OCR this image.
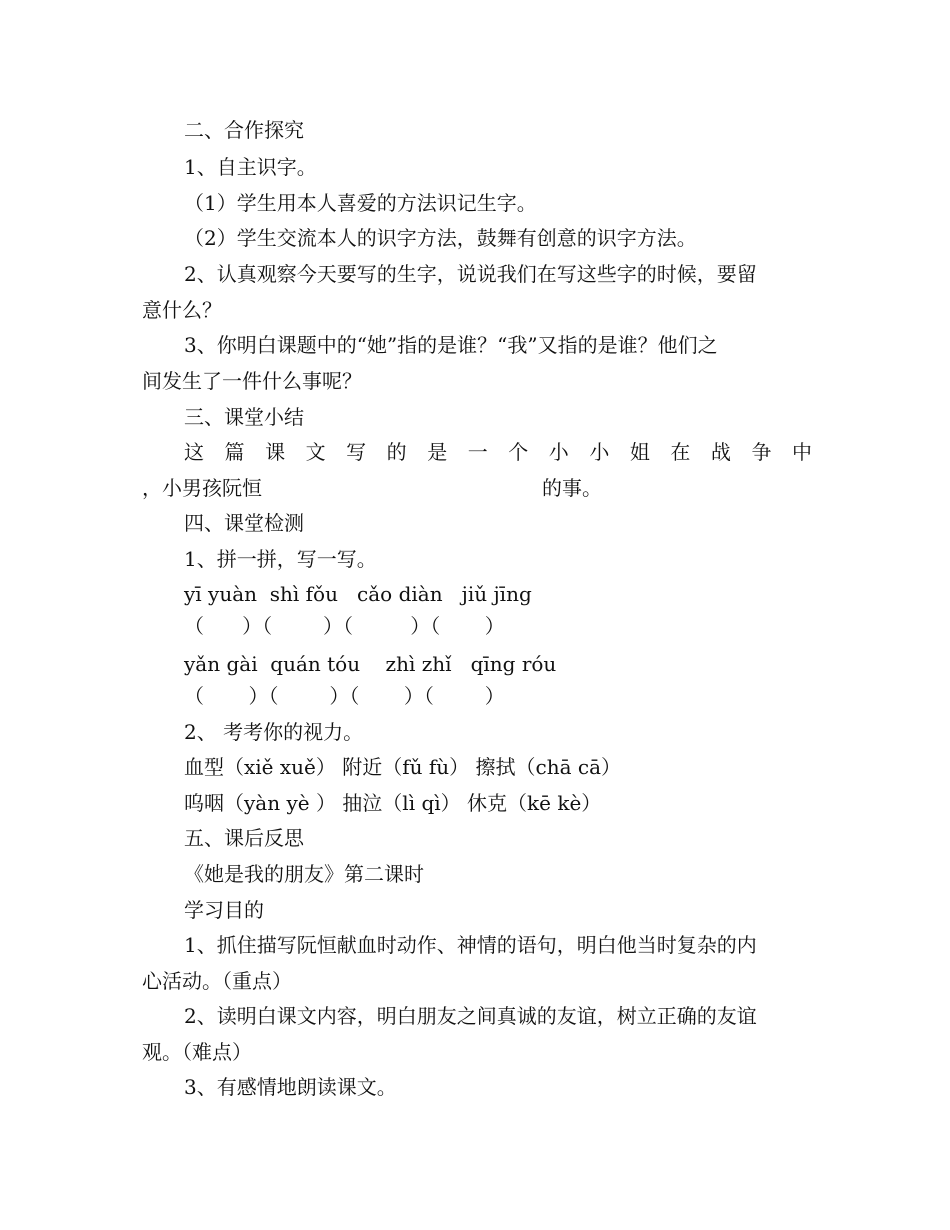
二、合作探究
1、自主识字。
（1）学生用本人喜爱的方法识记生字。
（2）学生交流本人的识字方法，鼓舞有创意的识字方法。
2、认真观察今天要写的生字，说说我们在写这些字的时候，要留
意什么？
3、你明白课题中的“她”指的是谁？“我”又指的是谁？他们之
间发生了一件什么事呢？
三、课堂小结
这 篇 课 文 写 的 是 一 个 小 小 姐 在 战 争 中
，小男孩阮恒	的事。
四、课堂检测
1、拼一拼，写一写。
yī yuàn  shì fǒu   cǎo diàn   jiǔ jīng
（      ）（        ）（         ）（       ）
yǎn gài  quán tóu    zhì zhǐ   qīng róu
（       ）（        ）（       ）（        ）
2、 考考你的视力。
血型（xiě xuě） 附近（fǔ fù） 擦拭（chā cā）
呜咽（yàn yè ） 抽泣（lì qì） 休克（kē kè）
五、课后反思
《她是我的朋友》第二课时
学习目的
1、抓住描写阮恒献血时动作、神情的语句，明白他当时复杂的内
心活动。（重点）
2、读明白课文内容，明白朋友之间真诚的友谊，树立正确的友谊
观。（难点）
3、有感情地朗读课文。
